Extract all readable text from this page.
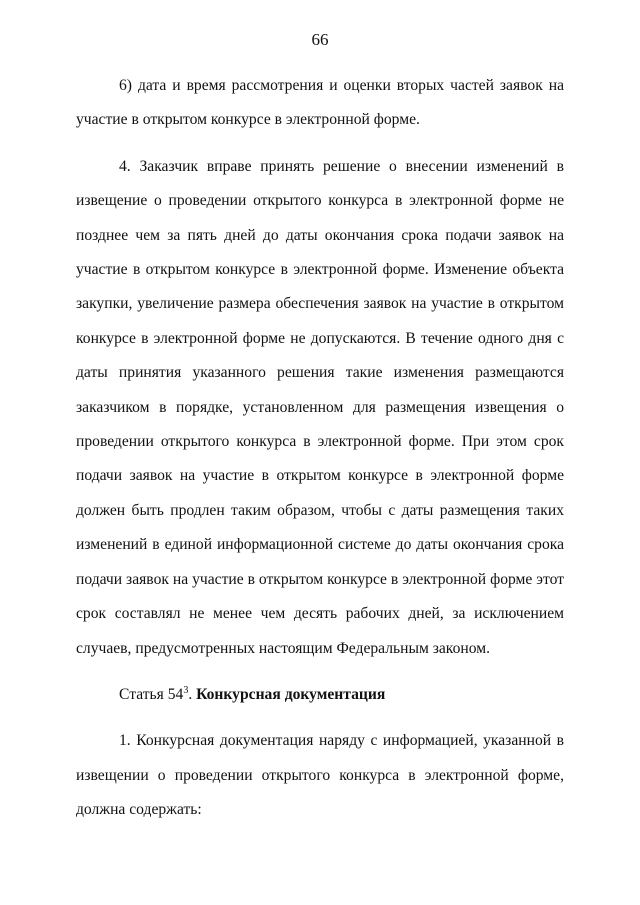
66

6) дата и время рассмотрения и оценки вторых частей заявок на участие в открытом конкурсе в электронной форме.

4. Заказчик вправе принять решение о внесении изменений в извещение о проведении открытого конкурса в электронной форме не позднее чем за пять дней до даты окончания срока подачи заявок на участие в открытом конкурсе в электронной форме. Изменение объекта закупки, увеличение размера обеспечения заявок на участие в открытом конкурсе в электронной форме не допускаются. В течение одного дня с даты принятия указанного решения такие изменения размещаются заказчиком в порядке, установленном для размещения извещения о проведении открытого конкурса в электронной форме. При этом срок подачи заявок на участие в открытом конкурсе в электронной форме должен быть продлен таким образом, чтобы с даты размещения таких изменений в единой информационной системе до даты окончания срока подачи заявок на участие в открытом конкурсе в электронной форме этот срок составлял не менее чем десять рабочих дней, за исключением случаев, предусмотренных настоящим Федеральным законом.

Статья $54^3$. Конкурсная документация

1. Конкурсная документация наряду с информацией, указанной в извещении о проведении открытого конкурса в электронной форме, должна содержать:
